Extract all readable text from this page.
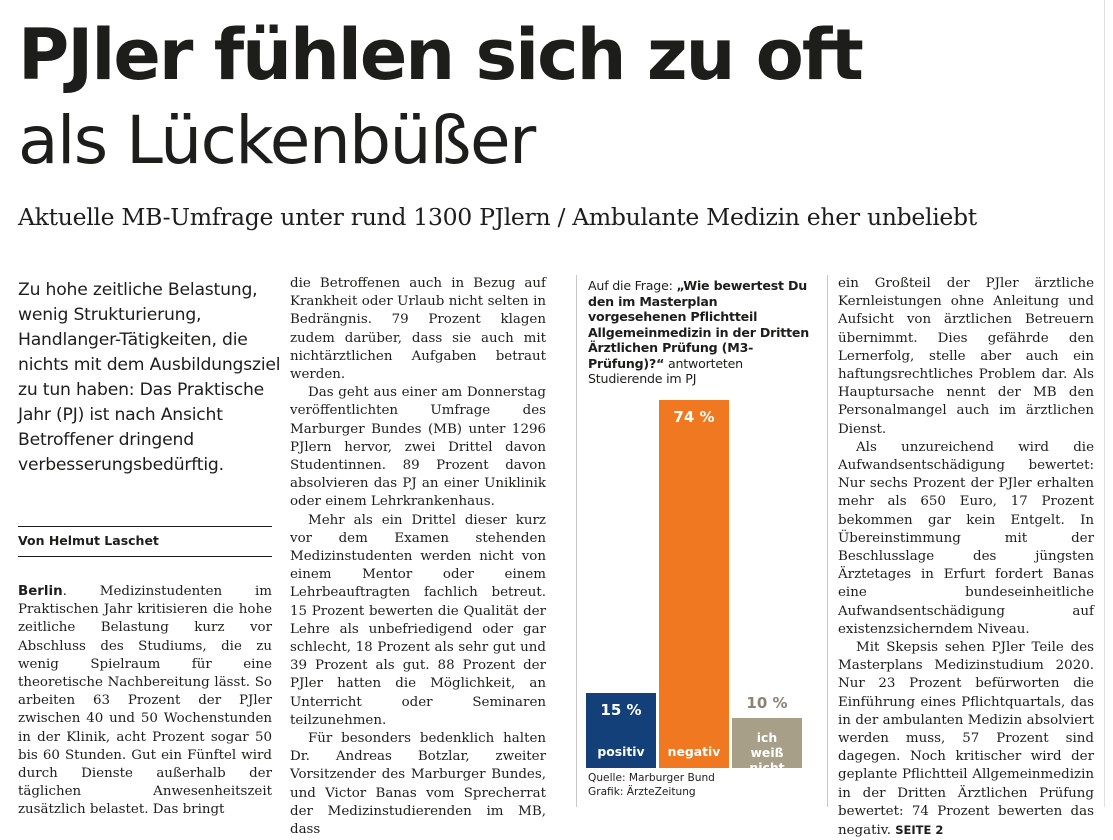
PJler fühlen sich zu oft
als Lückenbüßer
Aktuelle MB-Umfrage unter rund 1300 PJlern / Ambulante Medizin eher unbeliebt
Zu hohe zeitliche Belastung, wenig Strukturierung, Handlanger-Tätigkeiten, die nichts mit dem Ausbildungsziel zu tun haben: Das Praktische Jahr (PJ) ist nach Ansicht Betroffener dringend verbesserungsbedürftig.
Von Helmut Laschet

Berlin. Medizinstudenten im Praktischen Jahr kritisieren die hohe zeitliche Belastung kurz vor Abschluss des Studiums, die zu wenig Spielraum für eine theoretische Nachbereitung lässt. So arbeiten 63 Prozent der PJler zwischen 40 und 50 Wochenstunden in der Klinik, acht Prozent sogar 50 bis 60 Stunden. Gut ein Fünftel wird durch Dienste außerhalb der täglichen Anwesenheitszeit zusätzlich belastet. Das bringt

die Betroffenen auch in Bezug auf Krankheit oder Urlaub nicht selten in Bedrängnis. 79 Prozent klagen zudem darüber, dass sie auch mit nichtärztlichen Aufgaben betraut werden.

Das geht aus einer am Donnerstag veröffentlichten Umfrage des Marburger Bundes (MB) unter 1296 PJlern hervor, zwei Drittel davon Studentinnen. 89 Prozent davon absolvieren das PJ an einer Uniklinik oder einem Lehrkrankenhaus.

Mehr als ein Drittel dieser kurz vor dem Examen stehenden Medizinstudenten werden nicht von einem Mentor oder einem Lehrbeauftragten fachlich betreut. 15 Prozent bewerten die Qualität der Lehre als unbefriedigend oder gar schlecht, 18 Prozent als sehr gut und 39 Prozent als gut. 88 Prozent der PJler hatten die Möglichkeit, an Unterricht oder Seminaren teilzunehmen.

Für besonders bedenklich halten Dr. Andreas Botzlar, zweiter Vorsitzender des Marburger Bundes, und Victor Banas vom Sprecherrat der Medizinstudierenden im MB, dass

Auf die Frage: „Wie bewertest Du den im Masterplan vorgesehenen Pflichtteil Allgemeinmedizin in der Dritten Ärztlichen Prüfung (M3-Prüfung)?“ antworteten Studierende im PJ
15 %
positiv
74 %
negativ
10 %
ich weiß nicht
Quelle: Marburger Bund
Grafik: ÄrzteZeitung

ein Großteil der PJler ärztliche Kernleistungen ohne Anleitung und Aufsicht von ärztlichen Betreuern übernimmt. Dies gefährde den Lernerfolg, stelle aber auch ein haftungsrechtliches Problem dar. Als Hauptursache nennt der MB den Personalmangel auch im ärztlichen Dienst.

Als unzureichend wird die Aufwandsentschädigung bewertet: Nur sechs Prozent der PJler erhalten mehr als 650 Euro, 17 Prozent bekommen gar kein Entgelt. In Übereinstimmung mit der Beschlusslage des jüngsten Ärztetages in Erfurt fordert Banas eine bundeseinheitliche Aufwandsentschädigung auf existenzsicherndem Niveau.

Mit Skepsis sehen PJler Teile des Masterplans Medizinstudium 2020. Nur 23 Prozent befürworten die Einführung eines Pflichtquartals, das in der ambulanten Medizin absolviert werden muss, 57 Prozent sind dagegen. Noch kritischer wird der geplante Pflichtteil Allgemeinmedizin in der Dritten Ärztlichen Prüfung bewertet: 74 Prozent bewerten das negativ. SEITE 2
